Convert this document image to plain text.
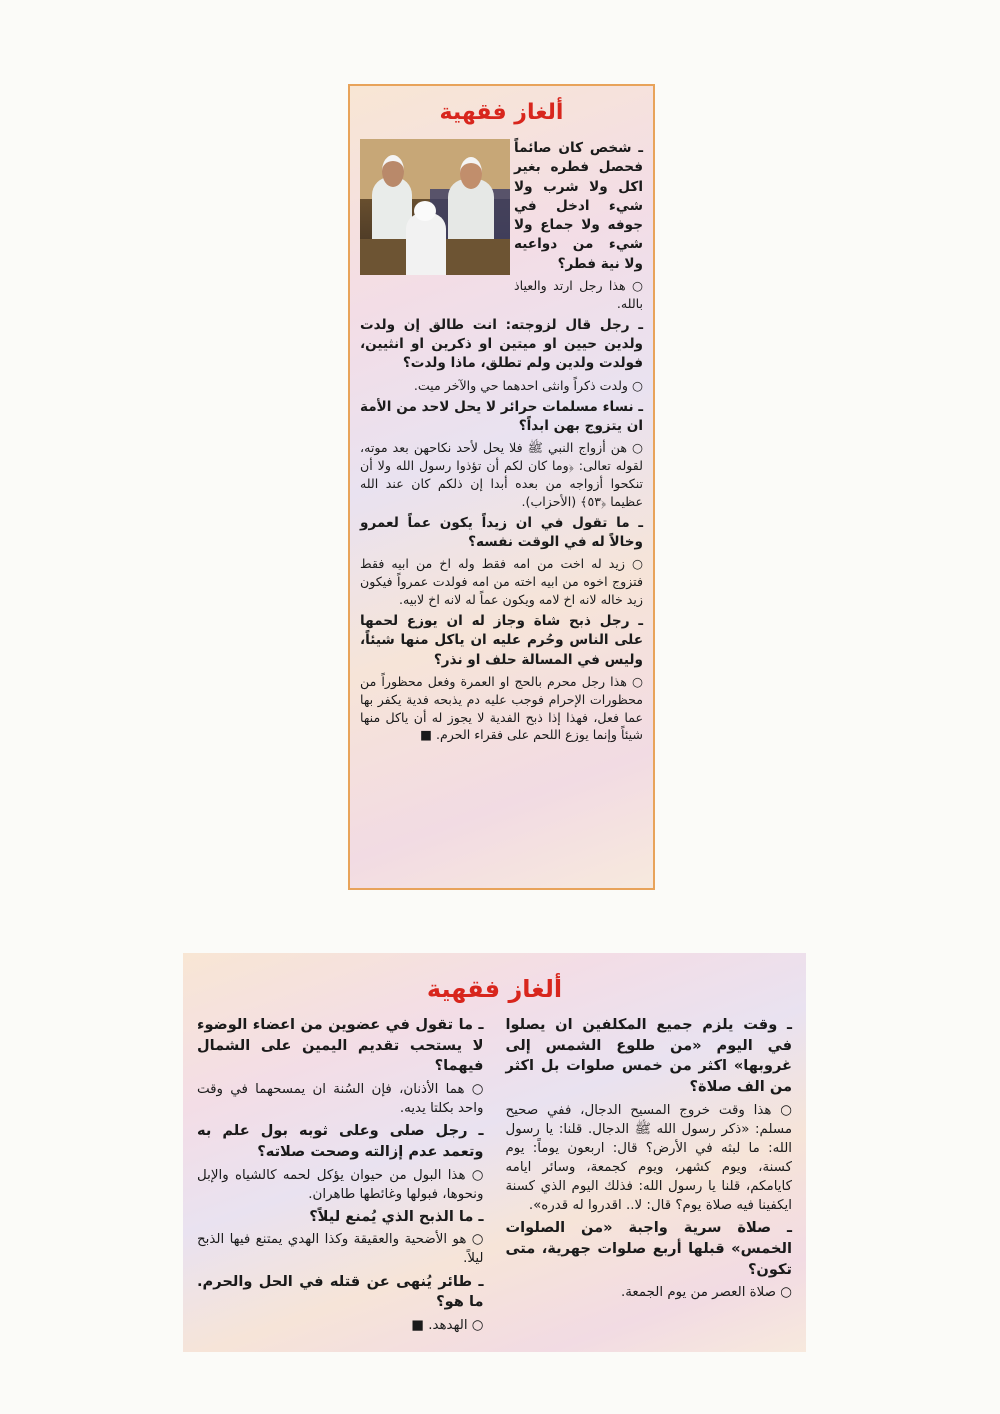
ألغاز فقهية

ـ شخص كان صائماً فحصل فطره بغير اكل ولا شرب ولا شيء ادخل في جوفه ولا جماع ولا شيء من دواعيه ولا نية فطر؟

○ هذا رجل ارتد والعياذ بالله.

ـ رجل قال لزوجته: انت طالق إن ولدت ولدين حيين او ميتين او ذكرين او انثيين، فولدت ولدين ولم تطلق، ماذا ولدت؟

○ ولدت ذكراً وانثى احدهما حي والآخر ميت.

ـ نساء مسلمات حرائر لا يحل لاحد من الأمة ان يتزوج بهن ابداً؟

○ هن أزواج النبي ﷺ فلا يحل لأحد نكاحهن بعد موته، لقوله تعالى: ﴿وما كان لكم أن تؤذوا رسول الله ولا أن تنكحوا أزواجه من بعده أبدا إن ذلكم كان عند الله عظيما ﴿٥٣﴾ (الأحزاب).

ـ ما تقول في ان زيداً يكون عماً لعمرو وخالاً له في الوقت نفسه؟

○ زيد له اخت من امه فقط وله اخ من ابيه فقط فتزوج اخوه من ابيه اخته من امه فولدت عمرواً فيكون زيد خاله لانه اخ لامه ويكون عماً له لانه اخ لابيه.

ـ رجل ذبح شاة وجاز له ان يوزع لحمها على الناس وحُرم عليه ان ياكل منها شيئاً، وليس في المسالة حلف او نذر؟

○ هذا رجل محرم بالحج او العمرة وفعل محظوراً من محظورات الإحرام فوجب عليه دم يذبحه فدية يكفر بها عما فعل، فهذا إذا ذبح الفدية لا يجوز له أن ياكل منها شيئاً وإنما يوزع اللحم على فقراء الحرم. ■

ألغاز فقهية

ـ وقت يلزم جميع المكلفين ان يصلوا في اليوم «من طلوع الشمس إلى غروبها» اكثر من خمس صلوات بل اكثر من الف صلاة؟

○ هذا وقت خروج المسيح الدجال، ففي صحيح مسلم: «ذكر رسول الله ﷺ الدجال. قلنا: يا رسول الله: ما لبثه في الأرض؟ قال: اربعون يوماً: يوم كسنة، ويوم كشهر، ويوم كجمعة، وسائر ايامه كايامكم، قلنا يا رسول الله: فذلك اليوم الذي كسنة ايكفينا فيه صلاة يوم؟ قال: لا.. اقدروا له قدره».

ـ صلاة سرية واجبة «من الصلوات الخمس» قبلها أربع صلوات جهرية، متى تكون؟

○ صلاة العصر من يوم الجمعة.

ـ ما تقول في عضوين من اعضاء الوضوء لا يستحب تقديم اليمين على الشمال فيهما؟

○ هما الأذنان، فإن السُنة ان يمسحهما في وقت واحد بكلتا يديه.

ـ رجل صلى وعلى ثوبه بول علم به وتعمد عدم إزالته وصحت صلاته؟

○ هذا البول من حيوان يؤكل لحمه كالشياه والإبل ونحوها، فبولها وغائطها طاهران.

ـ ما الذبح الذي يُمنع ليلاً؟

○ هو الأضحية والعقيقة وكذا الهدي يمتنع فيها الذبح ليلاً.

ـ طائر يُنهى عن قتله في الحل والحرم. ما هو؟

○ الهدهد. ■
